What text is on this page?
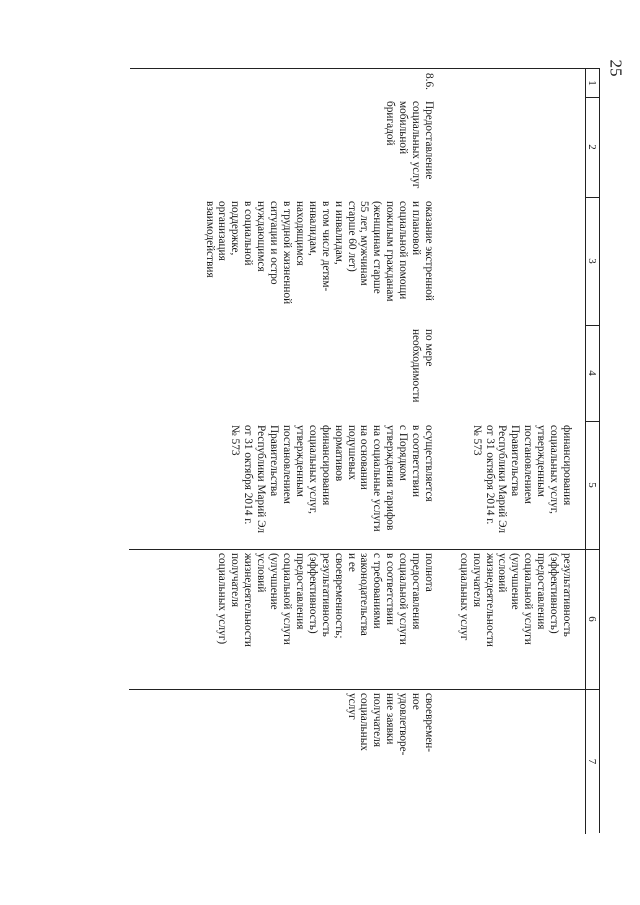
25
1
2
3
4
5
6
7
финансирования
социальных услуг,
утвержденным
постановлением
Правительства
Республики Марий Эл
от 31 октября 2014 г.
№ 573
результативность
(эффективность)
предоставления
социальной услуги
(улучшение
условий
жизнедеятельности
получателя
социальных услуг
8.6.
Предоставление
социальных услуг
мобильной
бригадой
оказание экстренной
и плановой
социальной помощи
пожилым гражданам
(женщинам старше
55 лет, мужчинам
старше 60 лет)
и инвалидам,
в том числе детям-
инвалидам,
находящимся
в трудной жизненной
ситуации и остро
нуждающимся
в социальной
поддержке,
организация
взаимодействия
по мере
необходимости
осуществляется
в соответствии
с Порядком
утверждения тарифов
на социальные услуги
на основании
подушевых
нормативов
финансирования
социальных услуг,
утвержденным
постановлением
Правительства
Республики Марий Эл
от 31 октября 2014 г.
№ 573
полнота
предоставления
социальной услуги
в соответствии
с требованиями
законодательства
и ее
своевременность;
результативность
(эффективность)
предоставления
социальной услуги
(улучшение
условий
жизнедеятельности
получателя
социальных услуг)
своевремен-
ное
удовлетворе-
ние заявки
получателя
социальных
услуг
